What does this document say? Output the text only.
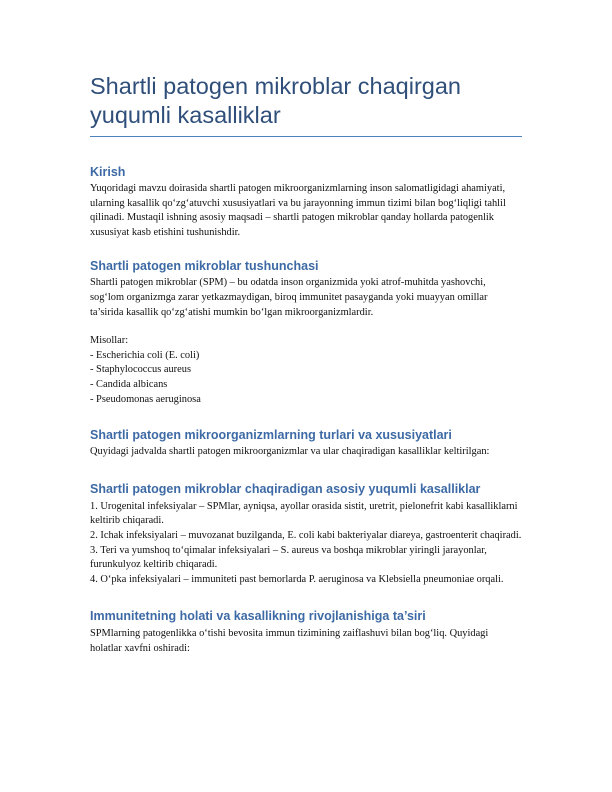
Shartli patogen mikroblar chaqirgan yuqumli kasalliklar
Kirish

Yuqoridagi mavzu doirasida shartli patogen mikroorganizmlarning inson salomatligidagi ahamiyati, ularning kasallik qo‘zg‘atuvchi xususiyatlari va bu jarayonning immun tizimi bilan bog‘liqligi tahlil qilinadi. Mustaqil ishning asosiy maqsadi – shartli patogen mikroblar qanday hollarda patogenlik xususiyat kasb etishini tushunishdir.

Shartli patogen mikroblar tushunchasi

Shartli patogen mikroblar (SPM) – bu odatda inson organizmida yoki atrof-muhitda yashovchi, sog‘lom organizmga zarar yetkazmaydigan, biroq immunitet pasayganda yoki muayyan omillar ta’sirida kasallik qo‘zg‘atishi mumkin bo‘lgan mikroorganizmlardir.

Misollar:

- Escherichia coli (E. coli)
- Staphylococcus aureus
- Candida albicans
- Pseudomonas aeruginosa
Shartli patogen mikroorganizmlarning turlari va xususiyatlari

Quyidagi jadvalda shartli patogen mikroorganizmlar va ular chaqiradigan kasalliklar keltirilgan:

Shartli patogen mikroblar chaqiradigan asosiy yuqumli kasalliklar
1. Urogenital infeksiyalar – SPMlar, ayniqsa, ayollar orasida sistit, uretrit, pielonefrit kabi kasalliklarni keltirib chiqaradi.
2. Ichak infeksiyalari – muvozanat buzilganda, E. coli kabi bakteriyalar diareya, gastroenterit chaqiradi.
3. Teri va yumshoq to‘qimalar infeksiyalari – S. aureus va boshqa mikroblar yiringli jarayonlar, furunkulyoz keltirib chiqaradi.
4. O‘pka infeksiyalari – immuniteti past bemorlarda P. aeruginosa va Klebsiella pneumoniae orqali.
Immunitetning holati va kasallikning rivojlanishiga ta’siri

SPMlarning patogenlikka o‘tishi bevosita immun tizimining zaiflashuvi bilan bog‘liq. Quyidagi holatlar xavfni oshiradi:
